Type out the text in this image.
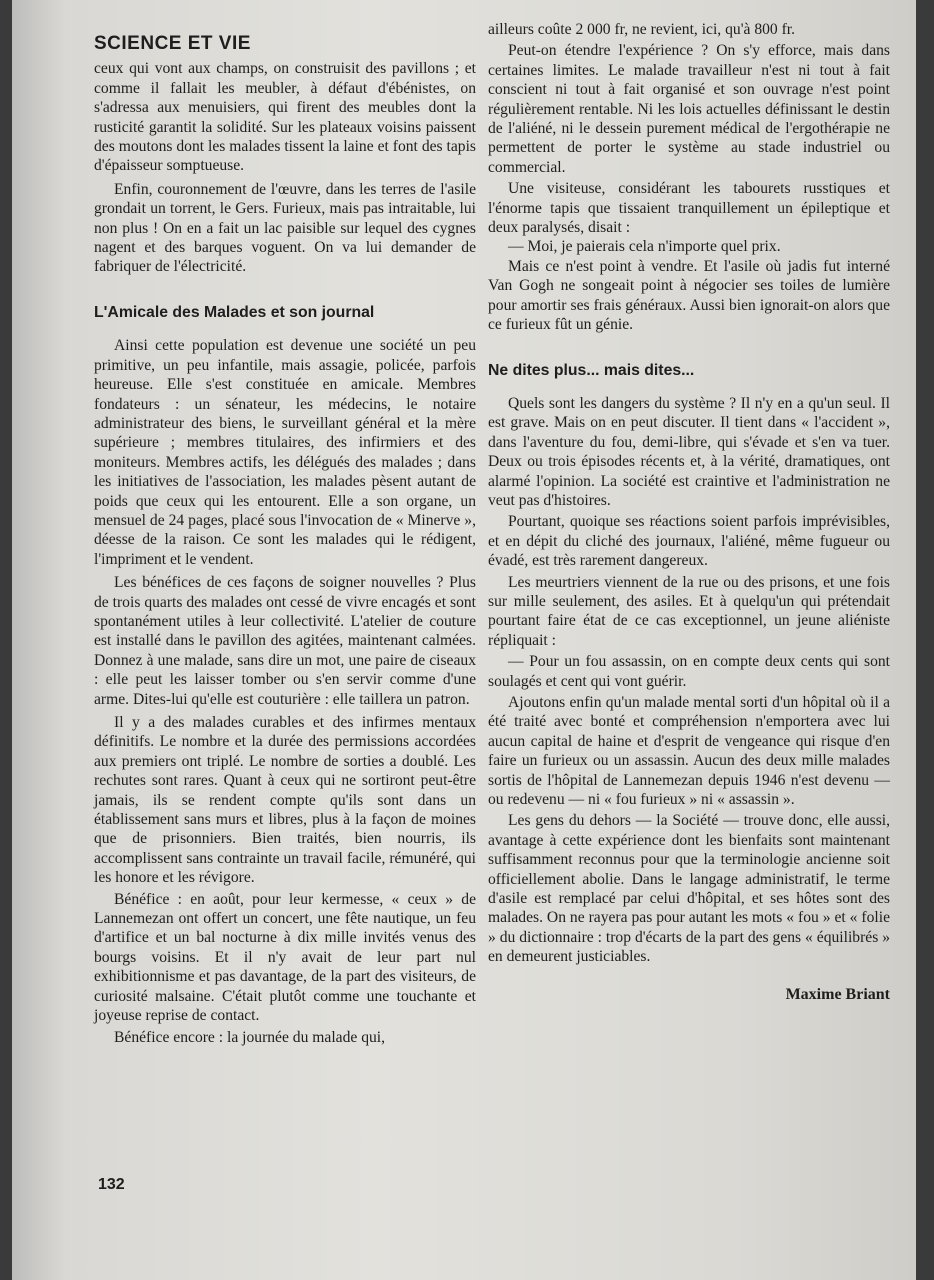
SCIENCE ET VIE

ceux qui vont aux champs, on construisit des pavillons ; et comme il fallait les meubler, à défaut d'ébénistes, on s'adressa aux menuisiers, qui firent des meubles dont la rusticité garantit la solidité. Sur les plateaux voisins paissent des moutons dont les malades tissent la laine et font des tapis d'épaisseur somptueuse.

Enfin, couronnement de l'œuvre, dans les terres de l'asile grondait un torrent, le Gers. Furieux, mais pas intraitable, lui non plus ! On en a fait un lac paisible sur lequel des cygnes nagent et des barques voguent. On va lui demander de fabriquer de l'électricité.

L'Amicale des Malades et son journal

Ainsi cette population est devenue une société un peu primitive, un peu infantile, mais assagie, policée, parfois heureuse. Elle s'est constituée en amicale. Membres fondateurs : un sénateur, les médecins, le notaire administrateur des biens, le surveillant général et la mère supérieure ; membres titulaires, des infirmiers et des moniteurs. Membres actifs, les délégués des malades ; dans les initiatives de l'association, les malades pèsent autant de poids que ceux qui les entourent. Elle a son organe, un mensuel de 24 pages, placé sous l'invocation de « Minerve », déesse de la raison. Ce sont les malades qui le rédigent, l'impriment et le vendent.

Les bénéfices de ces façons de soigner nouvelles ? Plus de trois quarts des malades ont cessé de vivre encagés et sont spontanément utiles à leur collectivité. L'atelier de couture est installé dans le pavillon des agitées, maintenant calmées. Donnez à une malade, sans dire un mot, une paire de ciseaux : elle peut les laisser tomber ou s'en servir comme d'une arme. Dites-lui qu'elle est couturière : elle taillera un patron.

Il y a des malades curables et des infirmes mentaux définitifs. Le nombre et la durée des permissions accordées aux premiers ont triplé. Le nombre de sorties a doublé. Les rechutes sont rares. Quant à ceux qui ne sortiront peut-être jamais, ils se rendent compte qu'ils sont dans un établissement sans murs et libres, plus à la façon de moines que de prisonniers. Bien traités, bien nourris, ils accomplissent sans contrainte un travail facile, rémunéré, qui les honore et les révigore.

Bénéfice : en août, pour leur kermesse, « ceux » de Lannemezan ont offert un concert, une fête nautique, un feu d'artifice et un bal nocturne à dix mille invités venus des bourgs voisins. Et il n'y avait de leur part nul exhibitionnisme et pas davantage, de la part des visiteurs, de curiosité malsaine. C'était plutôt comme une touchante et joyeuse reprise de contact.

Bénéfice encore : la journée du malade qui,

ailleurs coûte 2 000 fr, ne revient, ici, qu'à 800 fr.

Peut-on étendre l'expérience ? On s'y efforce, mais dans certaines limites. Le malade travailleur n'est ni tout à fait conscient ni tout à fait organisé et son ouvrage n'est point régulièrement rentable. Ni les lois actuelles définissant le destin de l'aliéné, ni le dessein purement médical de l'ergothérapie ne permettent de porter le système au stade industriel ou commercial.

Une visiteuse, considérant les tabourets russtiques et l'énorme tapis que tissaient tranquillement un épileptique et deux paralysés, disait :

— Moi, je paierais cela n'importe quel prix.

Mais ce n'est point à vendre. Et l'asile où jadis fut interné Van Gogh ne songeait point à négocier ses toiles de lumière pour amortir ses frais généraux. Aussi bien ignorait-on alors que ce furieux fût un génie.

Ne dites plus... mais dites...

Quels sont les dangers du système ? Il n'y en a qu'un seul. Il est grave. Mais on en peut discuter. Il tient dans « l'accident », dans l'aventure du fou, demi-libre, qui s'évade et s'en va tuer. Deux ou trois épisodes récents et, à la vérité, dramatiques, ont alarmé l'opinion. La société est craintive et l'administration ne veut pas d'histoires.

Pourtant, quoique ses réactions soient parfois imprévisibles, et en dépit du cliché des journaux, l'aliéné, même fugueur ou évadé, est très rarement dangereux.

Les meurtriers viennent de la rue ou des prisons, et une fois sur mille seulement, des asiles. Et à quelqu'un qui prétendait pourtant faire état de ce cas exceptionnel, un jeune aliéniste répliquait :

— Pour un fou assassin, on en compte deux cents qui sont soulagés et cent qui vont guérir.

Ajoutons enfin qu'un malade mental sorti d'un hôpital où il a été traité avec bonté et compréhension n'emportera avec lui aucun capital de haine et d'esprit de vengeance qui risque d'en faire un furieux ou un assassin. Aucun des deux mille malades sortis de l'hôpital de Lannemezan depuis 1946 n'est devenu — ou redevenu — ni « fou furieux » ni « assassin ».

Les gens du dehors — la Société — trouve donc, elle aussi, avantage à cette expérience dont les bienfaits sont maintenant suffisamment reconnus pour que la terminologie ancienne soit officiellement abolie. Dans le langage administratif, le terme d'asile est remplacé par celui d'hôpital, et ses hôtes sont des malades. On ne rayera pas pour autant les mots « fou » et « folie » du dictionnaire : trop d'écarts de la part des gens « équilibrés » en demeurent justiciables.

Maxime Briant
132
